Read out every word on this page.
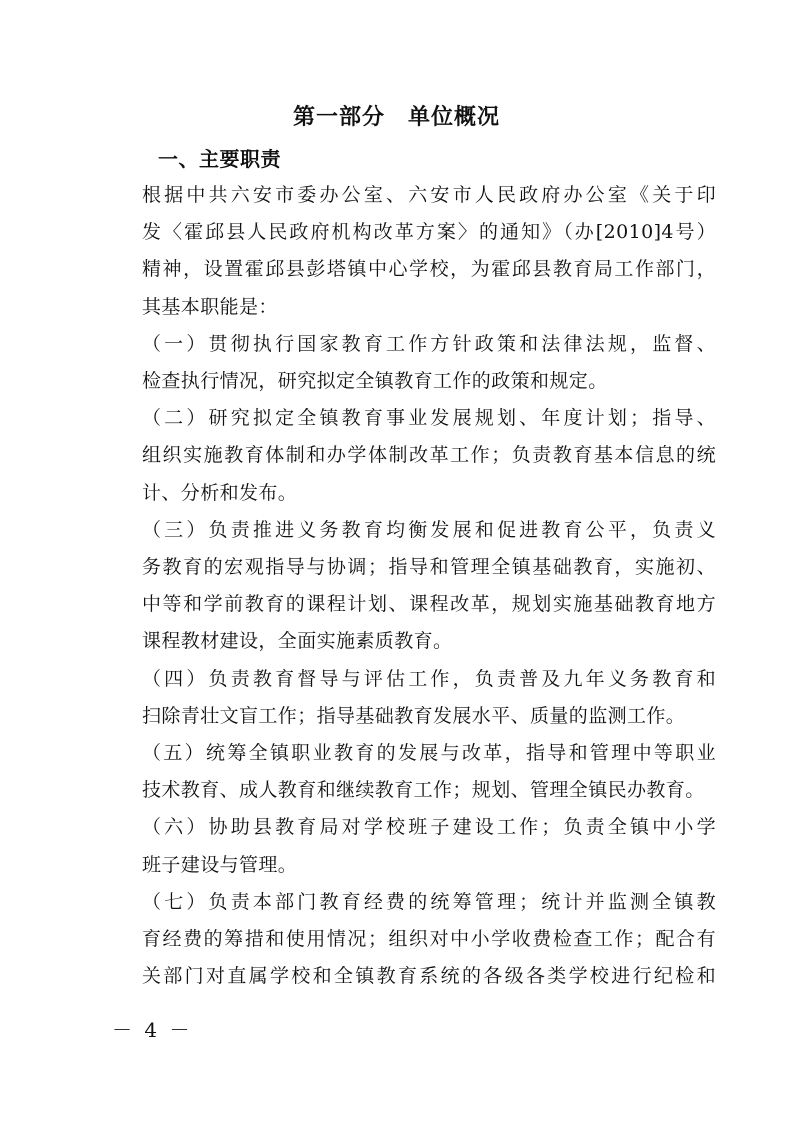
第一部分　单位概况
一、主要职责

根据中共六安市委办公室、六安市人民政府办公室《关于印
发〈霍邱县人民政府机构改革方案〉的通知》（办[2010]4号）
精神，设置霍邱县彭塔镇中心学校，为霍邱县教育局工作部门，
其基本职能是：

（一）贯彻执行国家教育工作方针政策和法律法规，监督、
检查执行情况，研究拟定全镇教育工作的政策和规定。

（二）研究拟定全镇教育事业发展规划、年度计划；指导、
组织实施教育体制和办学体制改革工作；负责教育基本信息的统
计、分析和发布。

（三）负责推进义务教育均衡发展和促进教育公平，负责义
务教育的宏观指导与协调；指导和管理全镇基础教育，实施初、
中等和学前教育的课程计划、课程改革，规划实施基础教育地方
课程教材建设，全面实施素质教育。

（四）负责教育督导与评估工作，负责普及九年义务教育和
扫除青壮文盲工作；指导基础教育发展水平、质量的监测工作。

（五）统筹全镇职业教育的发展与改革，指导和管理中等职业
技术教育、成人教育和继续教育工作；规划、管理全镇民办教育。

（六）协助县教育局对学校班子建设工作；负责全镇中小学
班子建设与管理。

（七）负责本部门教育经费的统筹管理；统计并监测全镇教
育经费的筹措和使用情况；组织对中小学收费检查工作；配合有
关部门对直属学校和全镇教育系统的各级各类学校进行纪检和

－ 4 －
